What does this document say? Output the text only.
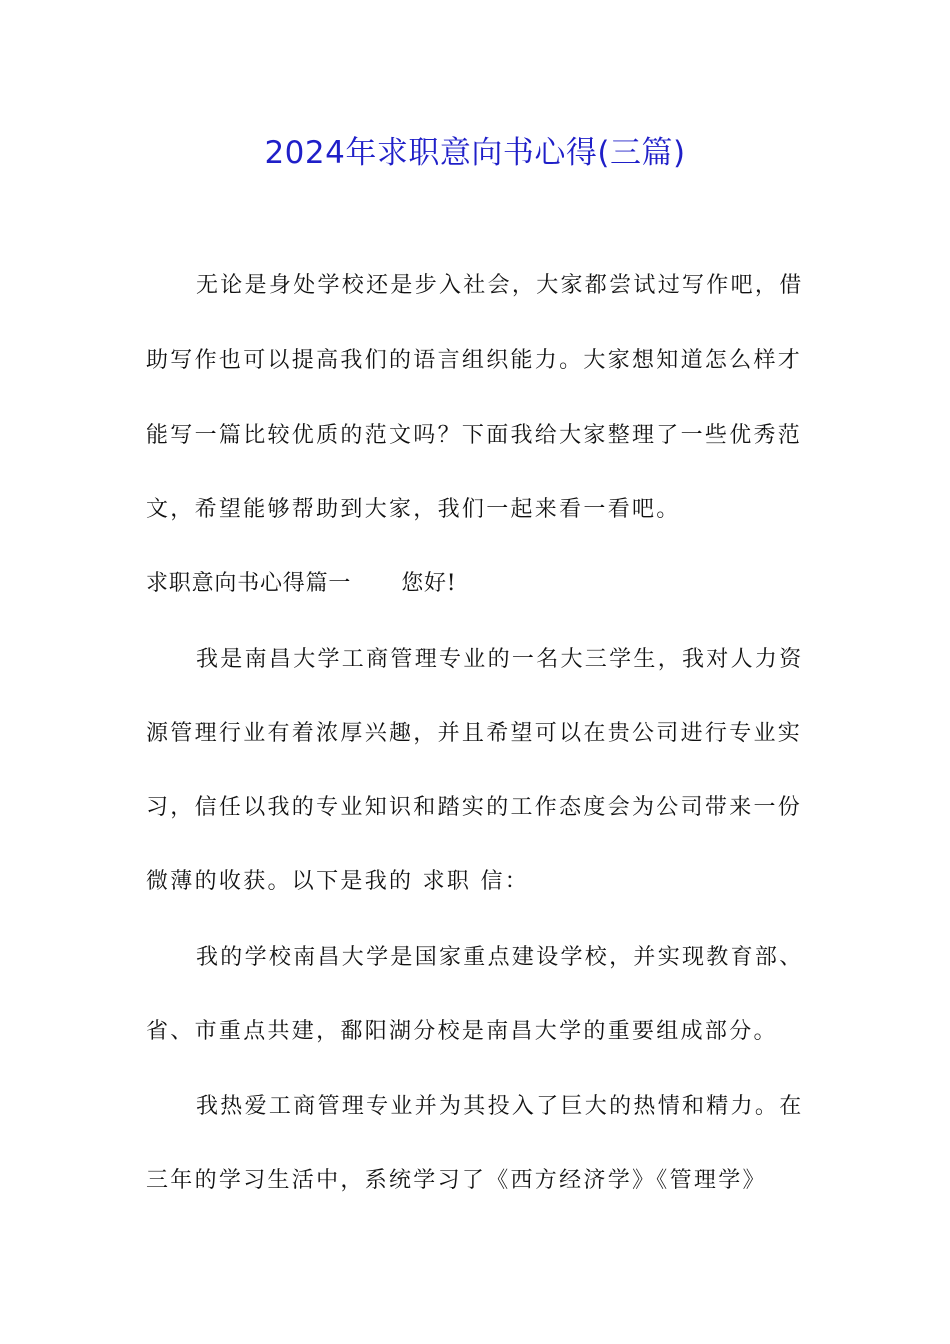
2024年求职意向书心得(三篇)
无论是身处学校还是步入社会，大家都尝试过写作吧，借
助写作也可以提高我们的语言组织能力。大家想知道怎么样才
能写一篇比较优质的范文吗？下面我给大家整理了一些优秀范
文，希望能够帮助到大家，我们一起来看一看吧。
求职意向书心得篇一 您好!
我是南昌大学工商管理专业的一名大三学生，我对人力资
源管理行业有着浓厚兴趣，并且希望可以在贵公司进行专业实
习，信任以我的专业知识和踏实的工作态度会为公司带来一份
微薄的收获。以下是我的 求职 信：
我的学校南昌大学是国家重点建设学校，并实现教育部、
省、市重点共建，鄱阳湖分校是南昌大学的重要组成部分。
我热爱工商管理专业并为其投入了巨大的热情和精力。在
三年的学习生活中，系统学习了《西方经济学》《管理学》
